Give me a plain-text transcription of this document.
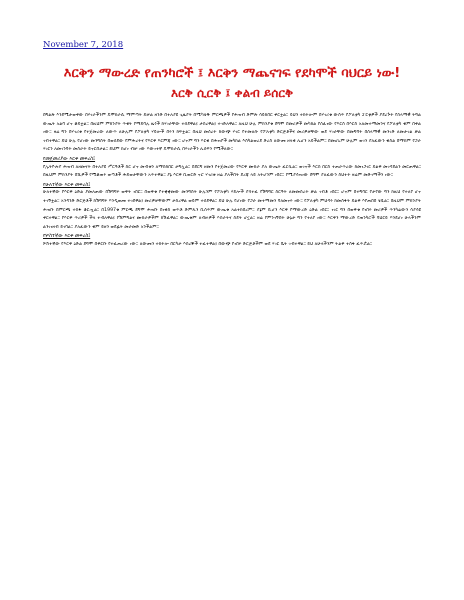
November 7, 2018
እርቅን ማውረድ የጠንካሮች ፤ እርቅን ማጨናገፍ የደካሞች ባህርይ ነው!
እርቅ ሲርቅ ፤ ቀልብ ይሰርቅ

በግልጽ እንደሚታወቀው በሃገራችንም ዴሞክራሲ ማምጣት ይቻል ዘንድ በተለያዩ ጊዜያት በሚካሄዱ ምርጫዎች የሕዝብ ድምጽ ሳይከበር ቀርቷል። ይህን ተከትሎም በሃገሪቱ ውስጥ የፖለቲካ ፓርቲዎች ያደረጉት የሰላማዊ ትግል ውጤት አልባ ሆኖ ቆይቷል። በዚህም ምክንያት ጥቂት የማይባሉ ዜጎች ከሃገራቸው ተሰደዋል፤ ታስረዋል፤ ተገድለዋል። ለዚህ ሁሉ ምክንያቱ ደግሞ በመሪዎች መካከል የሰፈነው የእርስ በእርስ አለመተማመንና የፖለቲካ ቂም በቀል ነው። ዛሬ ግን በሃገሪቱ የተጀመረው ለውጥ ለሁሉም የፖለቲካ ሃይሎች በሩን ከፍቷል። በዚህ መሰረት ከውጭ ሃገር የተመለሱ የፖለቲካ ድርጅቶችና መሪዎቻቸው ወደ ሃገራቸው በመግባት በሰላማዊ መንገድ ለመታገል ቃል ገብተዋል። ይህ ሁሉ የሆነው መንግስት በወሰደው የምሕረትና የእርቅ እርምጃ ነው። ሆኖም ግን እርቁ በሕዝቦች መካከል እስካልወረደ ድረስ ለውጡ ዘላቂ ሊሆን አይችልም። በመሆኑም ሁሉም ወገን ያለፈውን ቁስል በማከም የጋራ ሃገርን ለመገንባት መስራት ይኖርበታል። ይህም ከሆነ ብቻ ነው እውነተኛ ዴሞክራሲ በሃገራችን ሊሰፍን የሚችለው።

የመጀመሪያው እርቅ መፍረስ፤

የኢትዮጵያ ሕዝብ ለዘመናት በተለያዩ ሥርዓቶች ስር ሆኖ መብቱን ለማስከበር ታግሏል። በደርግ ዘመን የተጀመረው የእርቅ ሙከራ ያለ ውጤት ፈርሷል። ወገኖች እርስ በርስ ተጠራጥረው ከመነጋገር ይልቅ መገዳደልን መርጠዋል። በዚህም ምክንያት በሺዎች የሚቆጠሩ ወጣቶች ሕይወታቸውን አጥተዋል። ያኔ እርቅ ቢወርድ ኖሮ ሃገሪቱ ዛሬ ያለችበት ደረጃ ላይ አትሆንም ነበር። የሚያሳዝነው ደግሞ ያለፈውን ስህተት ዛሬም መድገማችን ነው።

የሁለተኛው እርቅ መፍረስ፤

ሁለተኛው የእርቅ ዕድል ያመለጠው በሽግግሩ ወቅት ነበር። በወቅቱ የተቋቋመው መንግስት ሁሉንም የፖለቲካ ሃይሎች ያሳተፈ የሽግግር ስርዓት ለመመስረት ቃል ገብቶ ነበር። ሆኖም በተግባር የታየው ግን ከዚህ የተለየ ሆኖ ተገኝቷል። አንዳንድ ድርጅቶች ከሽግግሩ እንዲወጡ ተገደዋል፤ መሪዎቻቸውም ታስረዋል ወይም ተሰደዋል። ይህ ሁሉ የሆነው የጋራ መተማመን ባለመኖሩ ነው። የፖለቲካ ምህዳሩ ከመስፋት ይልቅ እየጠበበ ሄዷል። በዚህም ምክንያት ሕዝቡ በምርጫ ተስፋ ቆርጧል። በ1997ቱ ምርጫ ደግሞ ሕዝቡ በነቂስ ወጥቶ ድምጹን ቢሰጥም ውጤቱ አልተከበረም። ያኔም ቢሆን እርቅ የማውረድ ዕድል ነበር። ነገር ግን በወቅቱ የነበሩ መሪዎች ጥንካሬውን ሳያሳዩ ቀርተዋል። የእርቅ ጥሪዎች ችላ ተብለዋል፤ የሽምግልና ሙከራዎችም ከሽፈዋል። ውጤቱም ለብዙዎች እስራትና ስደት ሆኗል። ዛሬ የምንገኝበት ሁኔታ ግን የተለየ ነው። እርቅን ማውረድ የጠንካሮች ባህርይ እንደሆነ ሁላችንም ልንገነዘብ ይገባል። ያለፈውን ቂም ይዘን ወደፊት መራመድ አንችልም።

የሦስተኛው እርቅ መፍረስ፤

ሦስተኛው የእርቅ ዕድል ደግሞ በቅርቡ የተፈጠረው ነው። ለውጡን ተከትሎ በርካታ እስረኞች ተፈተዋል፤ በውጭ የነበሩ ድርጅቶችም ወደ ሃገር ቤት ገብተዋል። ይህ ለሁላችንም ትልቅ ተስፋ ፈጥሯል።
